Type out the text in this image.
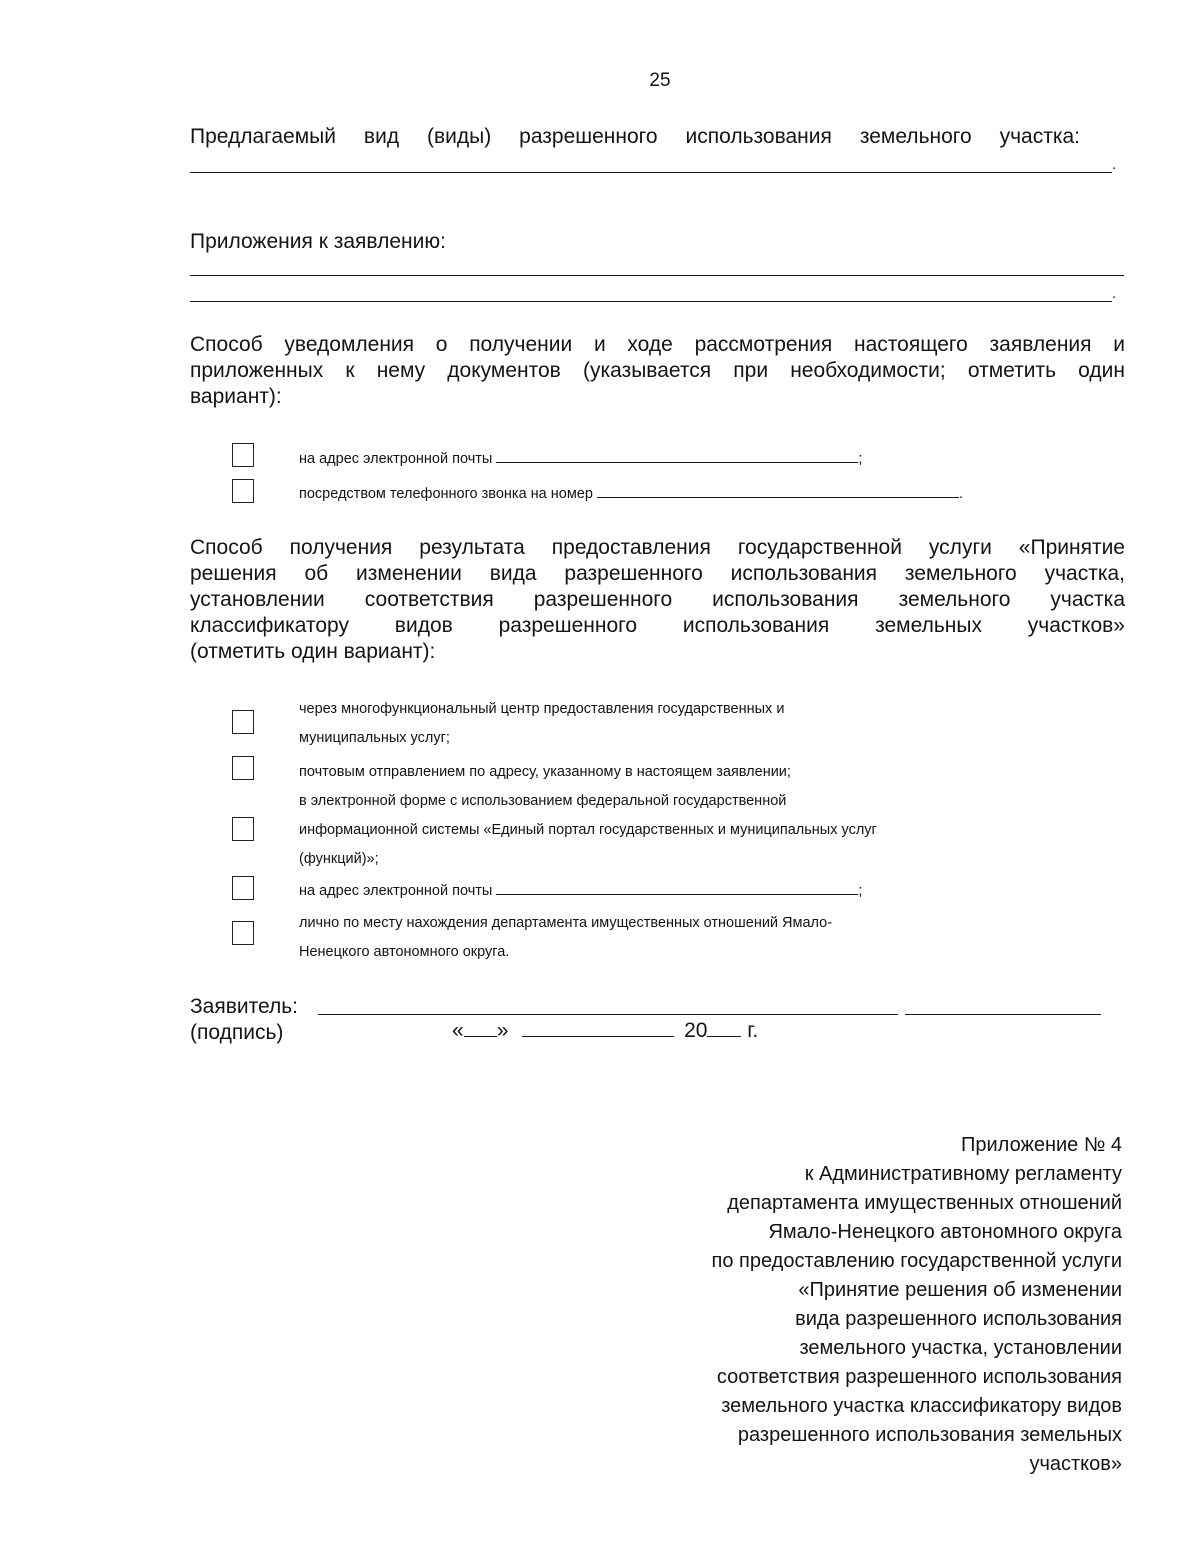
25
Предлагаемый вид (виды) разрешенного использования земельного участка:
.
Приложения к заявлению:
.
Способ уведомления о получении и ходе рассмотрения настоящего заявления и
приложенных к нему документов (указывается при необходимости; отметить один
вариант):
на адрес электронной почты	;
посредством телефонного звонка на номер	.
Способ получения результата предоставления государственной услуги «Принятие
решения об изменении вида разрешенного использования земельного участка,
установлении соответствия разрешенного использования земельного участка
классификатору видов разрешенного использования земельных участков»
(отметить один вариант):
через многофункциональный центр предоставления государственных и
муниципальных услуг;
почтовым отправлением по адресу, указанному в настоящем заявлении;
в электронной форме с использованием федеральной государственной
информационной системы «Единый портал государственных и муниципальных услуг
(функций)»;
на адрес электронной почты	;
лично по месту нахождения департамента имущественных отношений Ямало-
Ненецкого автономного округа.
Заявитель:
(подпись)	« »	20 г.
Приложение № 4
к Административному регламенту
департамента имущественных отношений
Ямало-Ненецкого автономного округа
по предоставлению государственной услуги
«Принятие решения об изменении
вида разрешенного использования
земельного участка, установлении
соответствия разрешенного использования
земельного участка классификатору видов
разрешенного использования земельных
участков»
